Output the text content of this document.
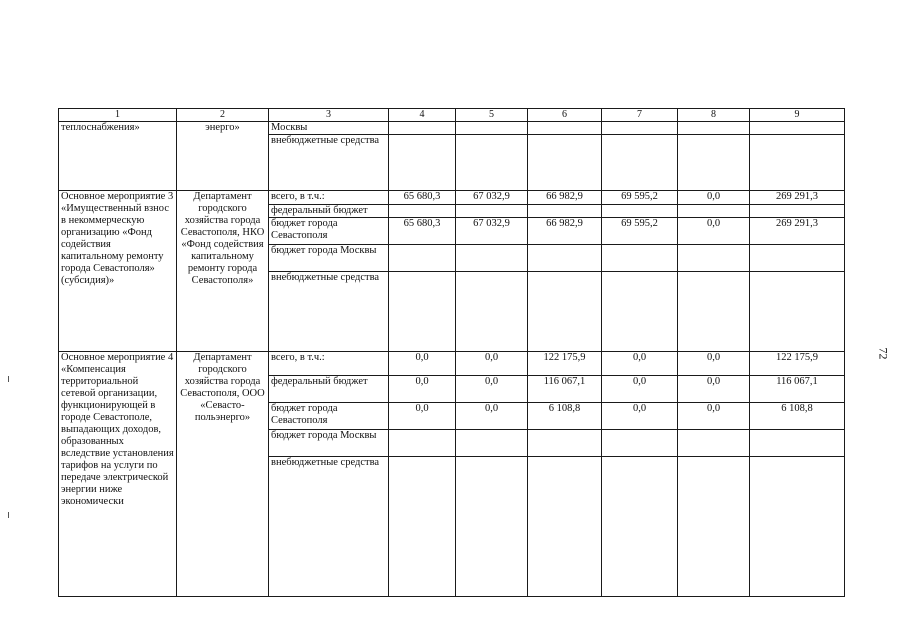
1	2	3	4	5	6	7	8	9
теплоснабжения»	энерго»	Москвы						
		внебюджетные средства						
Основное мероприятие 3 «Имущественный взнос в некоммерческую организацию «Фонд содействия капитальному ремонту города Севастополя» (субсидия)»	Департамент городского хозяйства города Севастополя, НКО «Фонд содействия капитальному ремонту города Севастополя»	всего, в т.ч.:	65 680,3	67 032,9	66 982,9	69 595,2	0,0	269 291,3
		федеральный бюджет						
		бюджет города Севастополя	65 680,3	67 032,9	66 982,9	69 595,2	0,0	269 291,3
		бюджет города Москвы						
		внебюджетные средства						
Основное мероприятие 4 «Компенсация территориальной сетевой организации, функционирующей в городе Севастополе, выпадающих доходов, образованных вследствие установления тарифов на услуги по передаче электрической энергии ниже экономически	Департамент городского хозяйства города Севастополя, ООО «Севасто-польэнерго»	всего, в т.ч.:	0,0	0,0	122 175,9	0,0	0,0	122 175,9
		федеральный бюджет	0,0	0,0	116 067,1	0,0	0,0	116 067,1
		бюджет города Севастополя	0,0	0,0	6 108,8	0,0	0,0	6 108,8
		бюджет города Москвы						
		внебюджетные средства						
72
